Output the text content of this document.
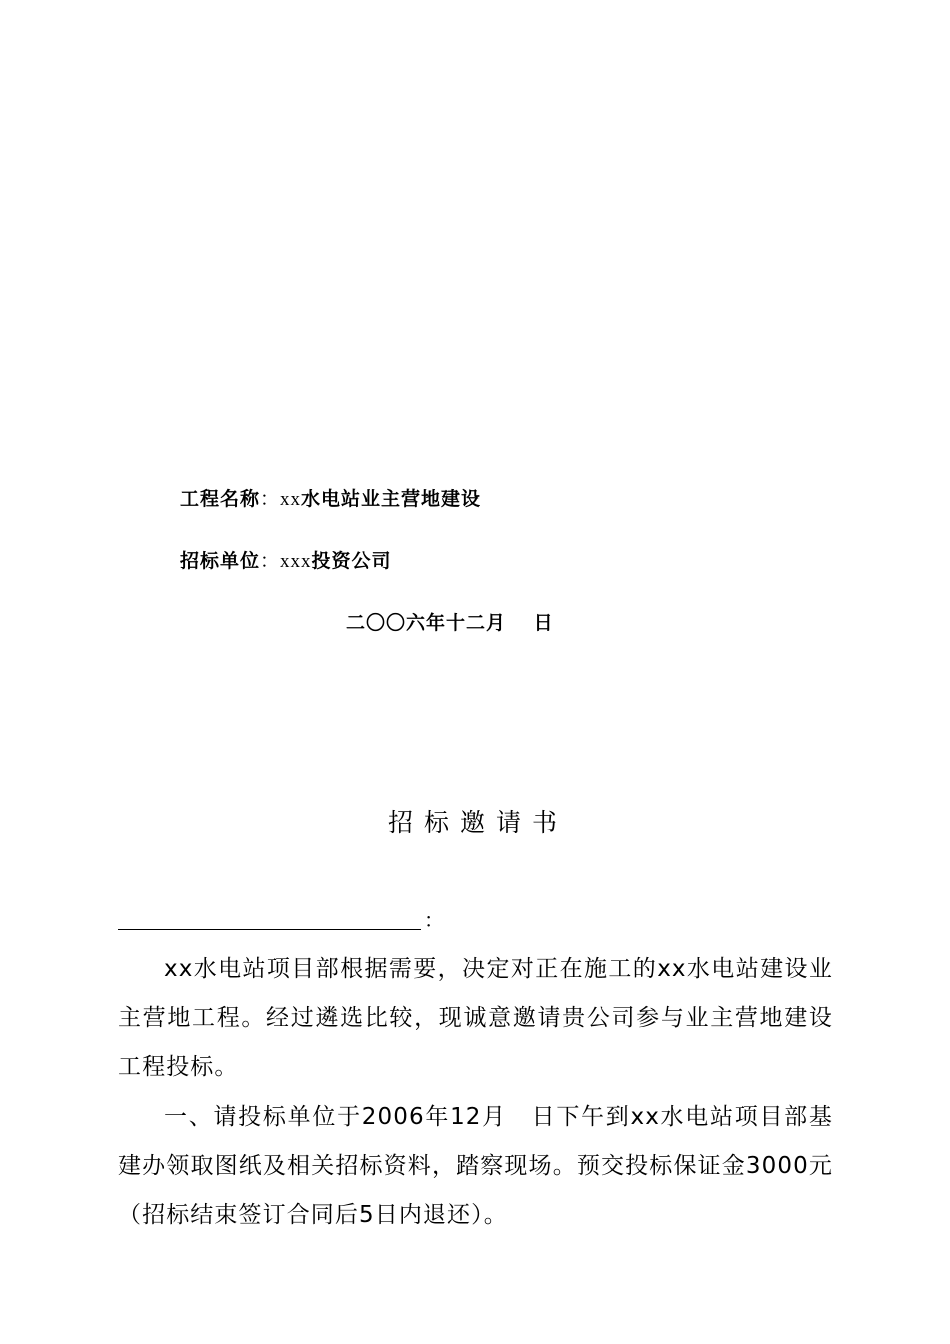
工程名称：xx水电站业主营地建设
招标单位：xxx投资公司
二〇〇六年十二月　 日
招标邀请书
：

xx水电站项目部根据需要，决定对正在施工的xx水电站建设业主营地工程。经过遴选比较，现诚意邀请贵公司参与业主营地建设工程投标。

一、请投标单位于2006年12月　日下午到xx水电站项目部基建办领取图纸及相关招标资料，踏察现场。预交投标保证金3000元（招标结束签订合同后5日内退还）。
